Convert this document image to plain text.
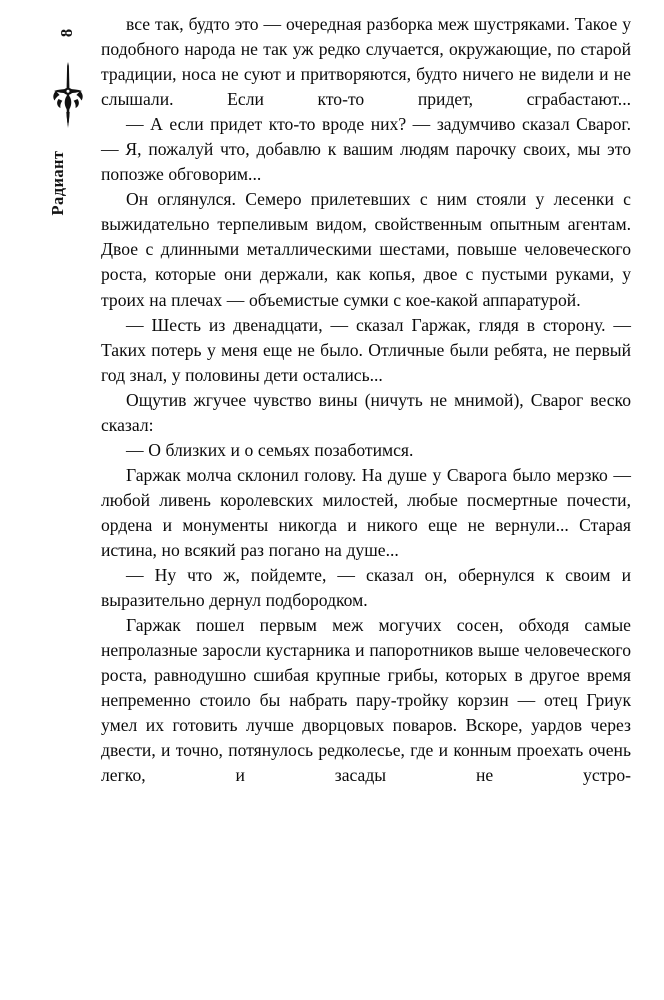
8
Радиант

все так, будто это — очередная разборка меж шустряками. Такое у подобного народа не так уж редко случается, окружающие, по старой традиции, носа не суют и притворяются, будто ничего не видели и не слышали. Если кто-то придет, сграбастают...

— А если придет кто-то вроде них? — задумчиво сказал Сварог. — Я, пожалуй что, добавлю к вашим людям парочку своих, мы это попозже обговорим...

Он оглянулся. Семеро прилетевших с ним стояли у лесенки с выжидательно терпеливым видом, свойственным опытным агентам. Двое с длинными металлическими шестами, повыше человеческого роста, которые они держали, как копья, двое с пустыми руками, у троих на плечах — объемистые сумки с кое-какой аппаратурой.

— Шесть из двенадцати, — сказал Гаржак, глядя в сторону. — Таких потерь у меня еще не было. Отличные были ребята, не первый год знал, у половины дети остались...

Ощутив жгучее чувство вины (ничуть не мнимой), Сварог веско сказал:

— О близких и о семьях позаботимся.

Гаржак молча склонил голову. На душе у Сварога было мерзко — любой ливень королевских милостей, любые посмертные почести, ордена и монументы никогда и никого еще не вернули... Старая истина, но всякий раз погано на душе...

— Ну что ж, пойдемте, — сказал он, обернулся к своим и выразительно дернул подбородком.

Гаржак пошел первым меж могучих сосен, обходя самые непролазные заросли кустарника и папоротников выше человеческого роста, равнодушно сшибая крупные грибы, которых в другое время непременно стоило бы набрать пару-тройку корзин — отец Гриук умел их готовить лучше дворцовых поваров. Вскоре, уардов через двести, и точно, потянулось редколесье, где и конным проехать очень легко, и засады не устро-
